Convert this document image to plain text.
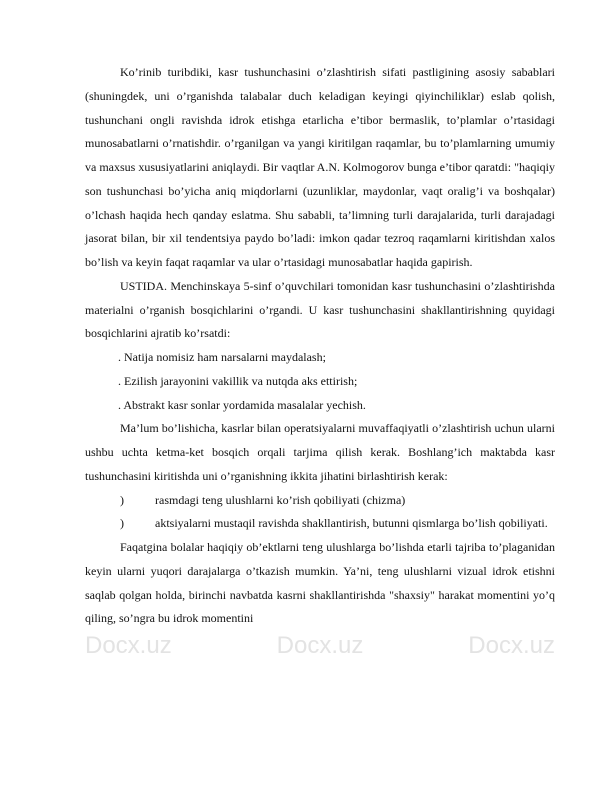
Ko’rinib turibdiki, kasr tushunchasini o’zlashtirish sifati pastligining asosiy sabablari (shuningdek, uni o’rganishda talabalar duch keladigan keyingi qiyinchiliklar) eslab qolish, tushunchani ongli ravishda idrok etishga etarlicha e’tibor bermaslik, to’plamlar o’rtasidagi munosabatlarni o’rnatishdir. o’rganilgan va yangi kiritilgan raqamlar, bu to’plamlarning umumiy va maxsus xususiyatlarini aniqlaydi. Bir vaqtlar A.N. Kolmogorov bunga e’tibor qaratdi: "haqiqiy son tushunchasi bo’yicha aniq miqdorlarni (uzunliklar, maydonlar, vaqt oralig’i va boshqalar) o’lchash haqida hech qanday eslatma. Shu sababli, ta’limning turli darajalarida, turli darajadagi jasorat bilan, bir xil tendentsiya paydo bo’ladi: imkon qadar tezroq raqamlarni kiritishdan xalos bo’lish va keyin faqat raqamlar va ular o’rtasidagi munosabatlar haqida gapirish.

USTIDA. Menchinskaya 5-sinf o’quvchilari tomonidan kasr tushunchasini o’zlashtirishda materialni o’rganish bosqichlarini o’rgandi. U kasr tushunchasini shakllantirishning quyidagi bosqichlarini ajratib ko’rsatdi:

. Natija nomisiz ham narsalarni maydalash;

. Ezilish jarayonini vakillik va nutqda aks ettirish;

. Abstrakt kasr sonlar yordamida masalalar yechish.

Ma’lum bo’lishicha, kasrlar bilan operatsiyalarni muvaffaqiyatli o’zlashtirish uchun ularni ushbu uchta ketma-ket bosqich orqali tarjima qilish kerak. Boshlang’ich maktabda kasr tushunchasini kiritishda uni o’rganishning ikkita jihatini birlashtirish kerak:

)	rasmdagi teng ulushlarni ko’rish qobiliyati (chizma)

)	aktsiyalarni mustaqil ravishda shakllantirish, butunni qismlarga bo’lish qobiliyati.

Faqatgina bolalar haqiqiy ob’ektlarni teng ulushlarga bo’lishda etarli tajriba to’plaganidan keyin ularni yuqori darajalarga o’tkazish mumkin. Ya’ni, teng ulushlarni vizual idrok etishni saqlab qolgan holda, birinchi navbatda kasrni shakllantirishda "shaxsiy" harakat momentini yo’q qiling, so’ngra bu idrok momentini

Docx.uz	Docx.uz	Docx.uz
